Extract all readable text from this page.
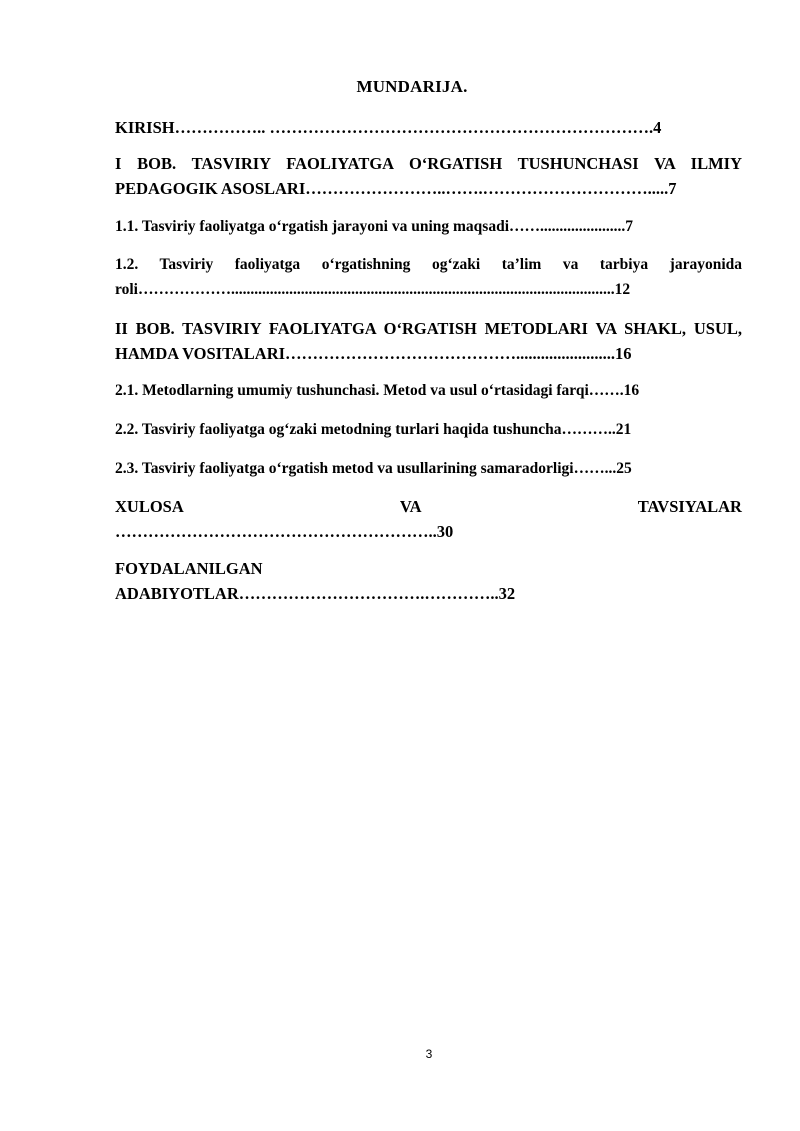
MUNDARIJA.

KIRISH…………….. …………………………………………………………….4

I BOB. TASVIRIY FAOLIYATGA O‘RGATISH TUSHUNCHASI VA ILMIY PEDAGOGIK ASOSLARI……………………..…….………………………….....7

1.1. Tasviriy faoliyatga o‘rgatish jarayoni va uning maqsadi……......................7

1.2. Tasviriy faoliyatga o‘rgatishning og‘zaki ta’lim va tarbiya jarayonida roli………………...................................................................................................12

II BOB. TASVIRIY FAOLIYATGA O‘RGATISH METODLARI VA SHAKL, USUL, HAMDA VOSITALARI……………………………………........................16

2.1. Metodlarning umumiy tushunchasi. Metod va usul o‘rtasidagi farqi…….16

2.2. Tasviriy faoliyatga og‘zaki metodning turlari haqida tushuncha………..21

2.3. Tasviriy faoliyatga o‘rgatish metod va usullarining samaradorligi……...25

XULOSA	VA	TAVSIYALAR
…………………………………………………..30
FOYDALANILGAN
ADABIYOTLAR…………………………….…………..32
3
